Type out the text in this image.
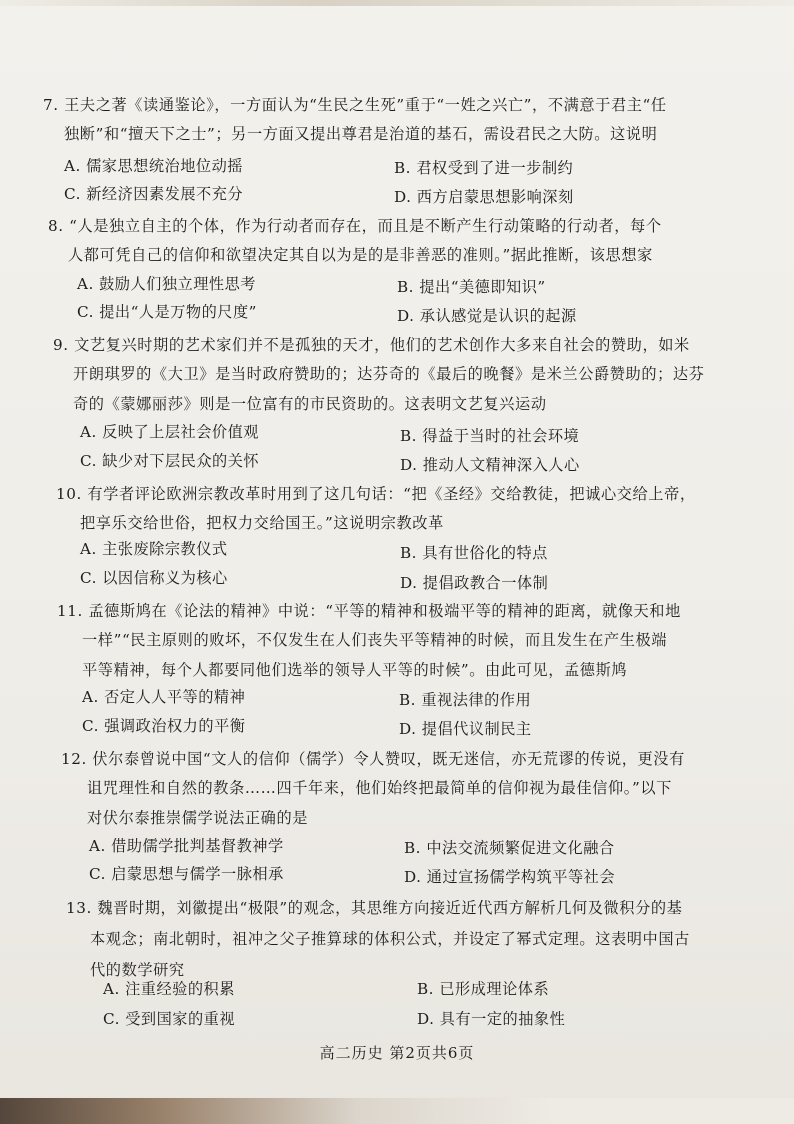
7. 王夫之著《读通鉴论》，一方面认为“生民之生死”重于“一姓之兴亡”，不满意于君主“任
独断”和“擅天下之士”；另一方面又提出尊君是治道的基石，需设君民之大防。这说明
A. 儒家思想统治地位动摇	B. 君权受到了进一步制约
C. 新经济因素发展不充分	D. 西方启蒙思想影响深刻
8. “人是独立自主的个体，作为行动者而存在，而且是不断产生行动策略的行动者，每个
人都可凭自己的信仰和欲望决定其自以为是的是非善恶的准则。”据此推断，该思想家
A. 鼓励人们独立理性思考	B. 提出“美德即知识”
C. 提出“人是万物的尺度”	D. 承认感觉是认识的起源
9. 文艺复兴时期的艺术家们并不是孤独的天才，他们的艺术创作大多来自社会的赞助，如米
开朗琪罗的《大卫》是当时政府赞助的；达芬奇的《最后的晚餐》是米兰公爵赞助的；达芬
奇的《蒙娜丽莎》则是一位富有的市民资助的。这表明文艺复兴运动
A. 反映了上层社会价值观	B. 得益于当时的社会环境
C. 缺少对下层民众的关怀	D. 推动人文精神深入人心
10. 有学者评论欧洲宗教改革时用到了这几句话：“把《圣经》交给教徒，把诚心交给上帝，
把享乐交给世俗，把权力交给国王。”这说明宗教改革
A. 主张废除宗教仪式	B. 具有世俗化的特点
C. 以因信称义为核心	D. 提倡政教合一体制
11. 孟德斯鸠在《论法的精神》中说：“平等的精神和极端平等的精神的距离，就像天和地
一样”“民主原则的败坏，不仅发生在人们丧失平等精神的时候，而且发生在产生极端
平等精神，每个人都要同他们选举的领导人平等的时候”。由此可见，孟德斯鸠
A. 否定人人平等的精神	B. 重视法律的作用
C. 强调政治权力的平衡	D. 提倡代议制民主
12. 伏尔泰曾说中国“文人的信仰（儒学）令人赞叹，既无迷信，亦无荒谬的传说，更没有
诅咒理性和自然的教条……四千年来，他们始终把最简单的信仰视为最佳信仰。”以下
对伏尔泰推崇儒学说法正确的是
A. 借助儒学批判基督教神学	B. 中法交流频繁促进文化融合
C. 启蒙思想与儒学一脉相承	D. 通过宣扬儒学构筑平等社会
13. 魏晋时期，刘徽提出“极限”的观念，其思维方向接近近代西方解析几何及微积分的基
本观念；南北朝时，祖冲之父子推算球的体积公式，并设定了幂式定理。这表明中国古
代的数学研究
A. 注重经验的积累	B. 已形成理论体系
C. 受到国家的重视	D. 具有一定的抽象性
高二历史 第2页共6页
